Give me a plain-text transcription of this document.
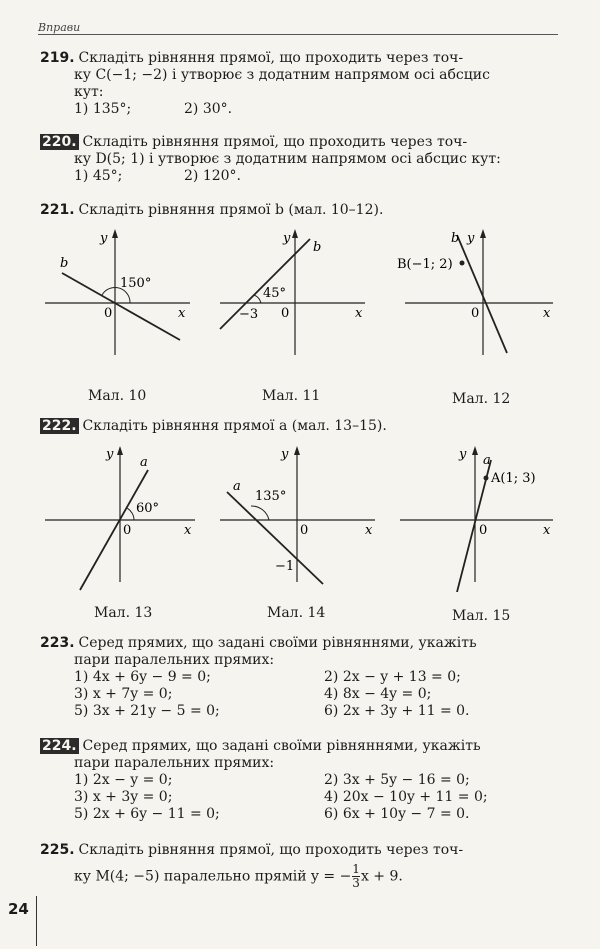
Вправи
219. Складіть рівняння прямої, що проходить через точ-
ку C(−1; −2) і утворює з додатним напрямом осі абсцис
кут:
1) 135°;	2) 30°.
220. Складіть рівняння прямої, що проходить через точ-
ку D(5; 1) і утворює з додатним напрямом осі абсцис кут:
1) 45°;	2) 120°.
221. Складіть рівняння прямої b (мал. 10–12).
y
x
0
b
150°
Мал. 10
y
x
0
b
45°
−3
Мал. 11
y
x
0
b
B(−1; 2)
Мал. 12
222. Складіть рівняння прямої a (мал. 13–15).
y
x
0
a
60°
Мал. 13
y
x
0
a
135°
−1
Мал. 14
y
x
0
a
A(1; 3)
Мал. 15
223. Серед прямих, що задані своїми рівняннями, укажіть
пари паралельних прямих:
1) 4x + 6y − 9 = 0;	2) 2x − y + 13 = 0;
3) x + 7y = 0;	4) 8x − 4y = 0;
5) 3x + 21y − 5 = 0;	6) 2x + 3y + 11 = 0.
224. Серед прямих, що задані своїми рівняннями, укажіть
пари паралельних прямих:
1) 2x − y = 0;	2) 3x + 5y − 16 = 0;
3) x + 3y = 0;	4) 20x − 10y + 11 = 0;
5) 2x + 6y − 11 = 0;	6) 6x + 10y − 7 = 0.
225. Складіть рівняння прямої, що проходить через точ-
ку M(4; −5) паралельно прямій y = − $\frac{1}{3}$ x + 9.
24
